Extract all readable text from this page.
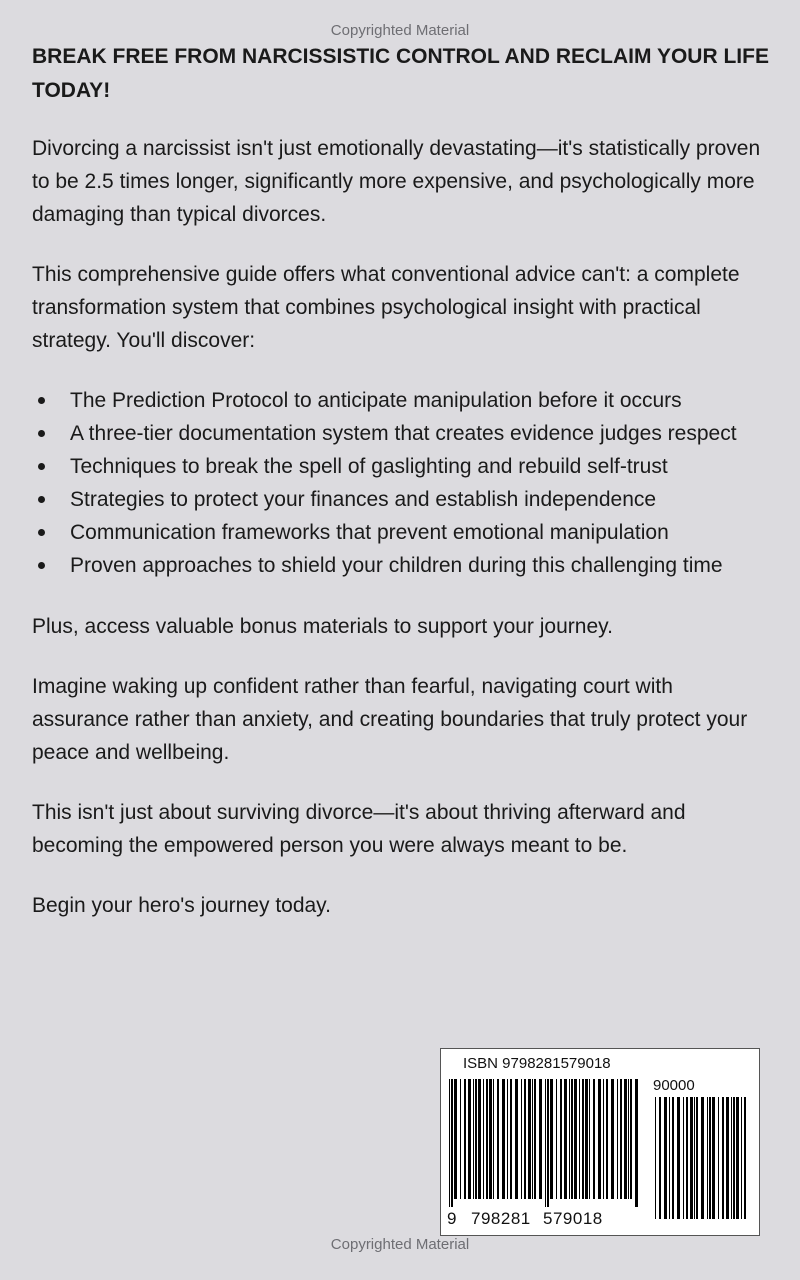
Copyrighted Material

BREAK FREE FROM NARCISSISTIC CONTROL AND RECLAIM YOUR LIFE TODAY!

Divorcing a narcissist isn't just emotionally devastating—it's statistically proven to be 2.5 times longer, significantly more expensive, and psychologically more damaging than typical divorces.

This comprehensive guide offers what conventional advice can't: a complete transformation system that combines psychological insight with practical strategy. You'll discover:

The Prediction Protocol to anticipate manipulation before it occurs
A three-tier documentation system that creates evidence judges respect
Techniques to break the spell of gaslighting and rebuild self-trust
Strategies to protect your finances and establish independence
Communication frameworks that prevent emotional manipulation
Proven approaches to shield your children during this challenging time

Plus, access valuable bonus materials to support your journey.

Imagine waking up confident rather than fearful, navigating court with assurance rather than anxiety, and creating boundaries that truly protect your peace and wellbeing.

This isn't just about surviving divorce—it's about thriving afterward and becoming the empowered person you were always meant to be.

Begin your hero's journey today.

ISBN 9798281579018
90000
9 798281 579018
Copyrighted Material
